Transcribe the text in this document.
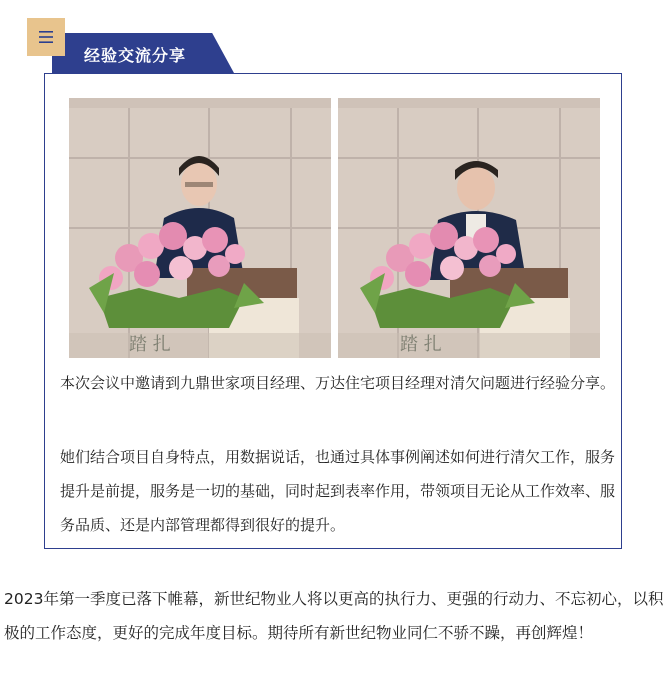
经验交流分享

本次会议中邀请到九鼎世家项目经理、万达住宅项目经理对清欠问题进行经验分享。

她们结合项目自身特点，用数据说话，也通过具体事例阐述如何进行清欠工作，服务提升是前提，服务是一切的基础，同时起到表率作用，带领项目无论从工作效率、服务品质、还是内部管理都得到很好的提升。

2023年第一季度已落下帷幕，新世纪物业人将以更高的执行力、更强的行动力、不忘初心，以积极的工作态度，更好的完成年度目标。期待所有新世纪物业同仁不骄不躁，再创辉煌！
